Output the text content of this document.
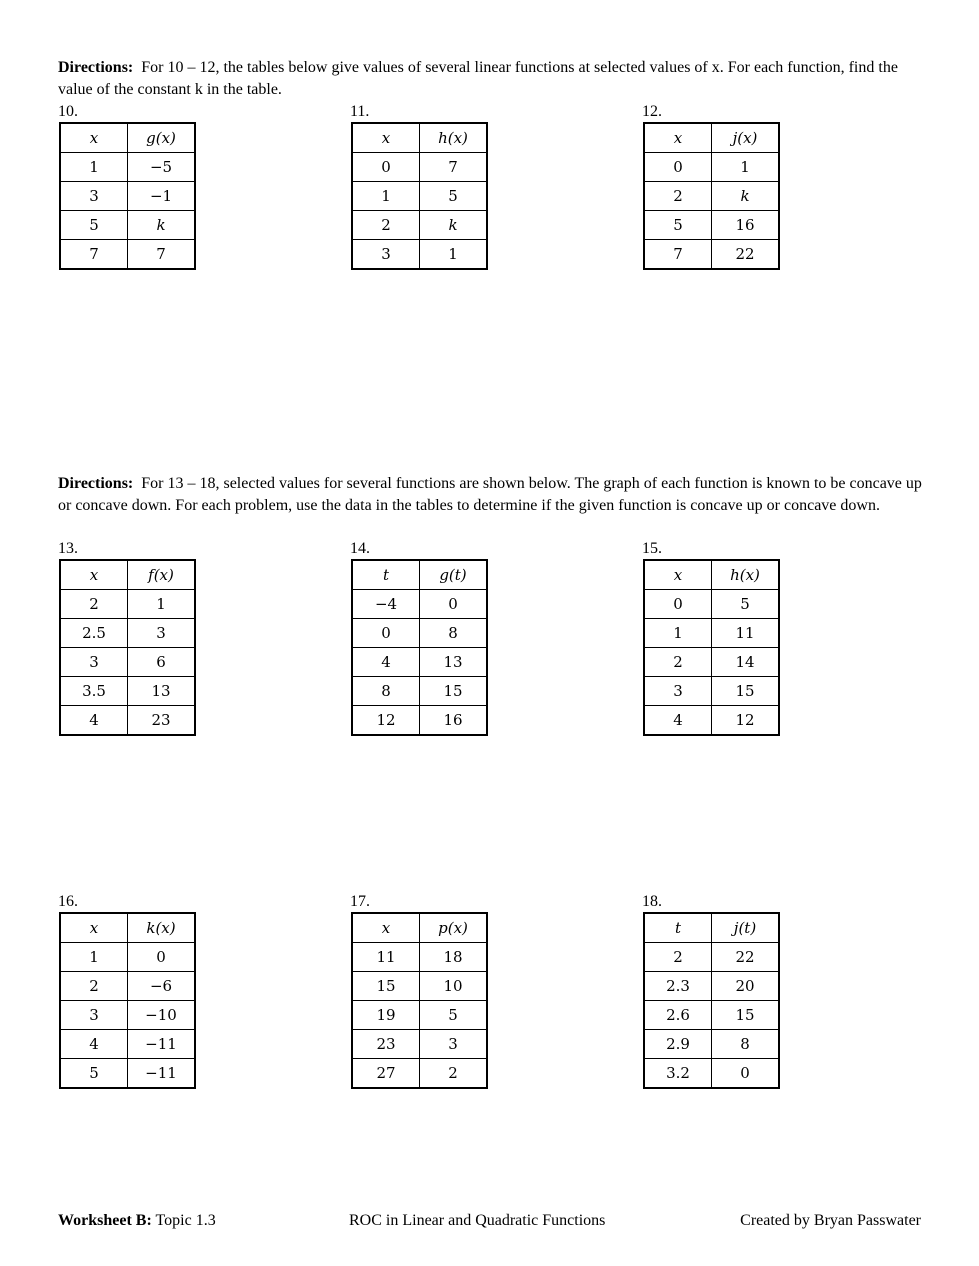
Directions: For 10 – 12, the tables below give values of several linear functions at selected values of x. For each function, find the value of the constant k in the table.
10.
x	g(x)
1	−5
3	−1
5	k
7	7
11.
x	h(x)
0	7
1	5
2	k
3	1
12.
x	j(x)
0	1
2	k
5	16
7	22
Directions: For 13 – 18, selected values for several functions are shown below. The graph of each function is known to be concave up or concave down. For each problem, use the data in the tables to determine if the given function is concave up or concave down.
13.
x	f(x)
2	1
2.5	3
3	6
3.5	13
4	23
14.
t	g(t)
−4	0
0	8
4	13
8	15
12	16
15.
x	h(x)
0	5
1	11
2	14
3	15
4	12
16.
x	k(x)
1	0
2	−6
3	−10
4	−11
5	−11
17.
x	p(x)
11	18
15	10
19	5
23	3
27	2
18.
t	j(t)
2	22
2.3	20
2.6	15
2.9	8
3.2	0
Worksheet B: Topic 1.3	ROC in Linear and Quadratic Functions	Created by Bryan Passwater
